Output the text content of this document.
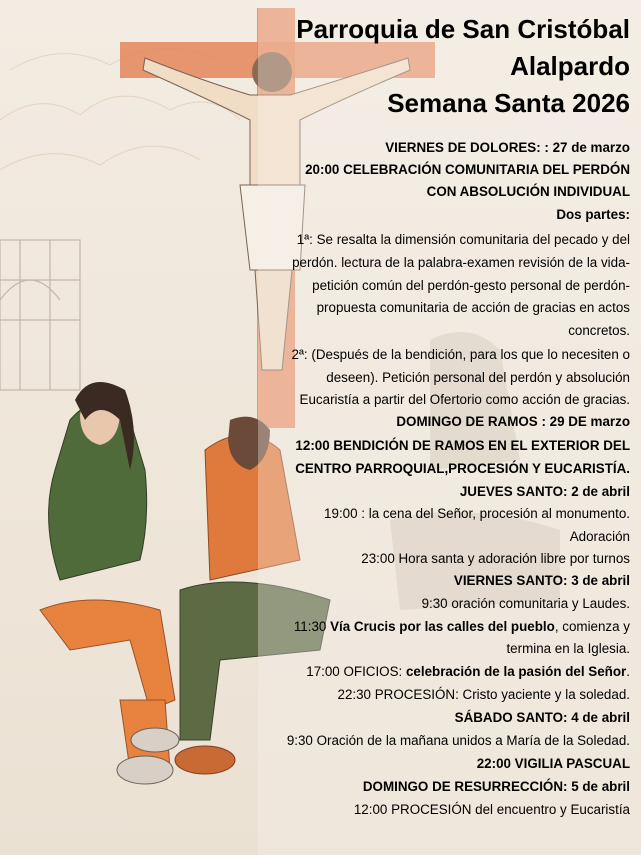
Parroquia de San Cristóbal
Alalpardo
Semana Santa 2026
VIERNES DE DOLORES: : 27 de marzo
20:00 CELEBRACIÓN COMUNITARIA DEL PERDÓN
CON ABSOLUCIÓN INDIVIDUAL
Dos partes:
1ª: Se resalta la dimensión comunitaria del pecado y del
perdón. lectura de la palabra-examen revisión de la vida-
petición común del perdón-gesto personal de perdón-
propuesta comunitaria de acción de gracias en actos
concretos.
2ª: (Después de la bendición, para los que lo necesiten o
deseen). Petición personal del perdón y absolución
Eucaristía a partir del Ofertorio como acción de gracias.
DOMINGO DE RAMOS : 29 DE marzo
12:00 BENDICIÓN DE RAMOS EN EL EXTERIOR DEL
CENTRO PARROQUIAL,PROCESIÓN Y EUCARISTÍA.
JUEVES SANTO: 2 de abril
19:00 : la cena del Señor, procesión al monumento.
Adoración
23:00 Hora santa y adoración libre por turnos
VIERNES SANTO: 3 de abril
9:30 oración comunitaria y Laudes.
11:30 Vía Crucis por las calles del pueblo, comienza y
termina en la Iglesia.
17:00 OFICIOS: celebración de la pasión del Señor.
22:30 PROCESIÓN: Cristo yaciente y la soledad.
SÁBADO SANTO: 4 de abril
9:30 Oración de la mañana unidos a María de la Soledad.
22:00 VIGILIA PASCUAL
DOMINGO DE RESURRECCIÓN: 5 de abril
12:00 PROCESIÓN del encuentro y Eucaristía
